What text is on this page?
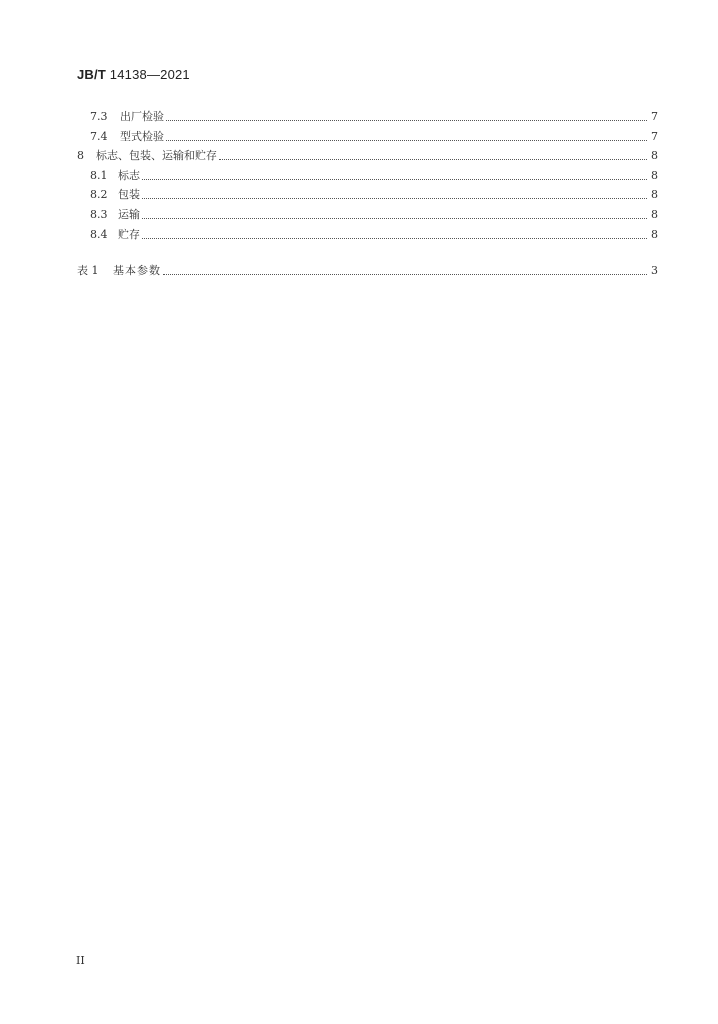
JB/T 14138—2021
7.3	出厂检验	7
7.4	型式检验	7
8	标志、包装、运输和贮存	8
8.1 标志	8
8.2 包装	8
8.3 运输	8
8.4 贮存	8
表 1	基本参数	3
II
